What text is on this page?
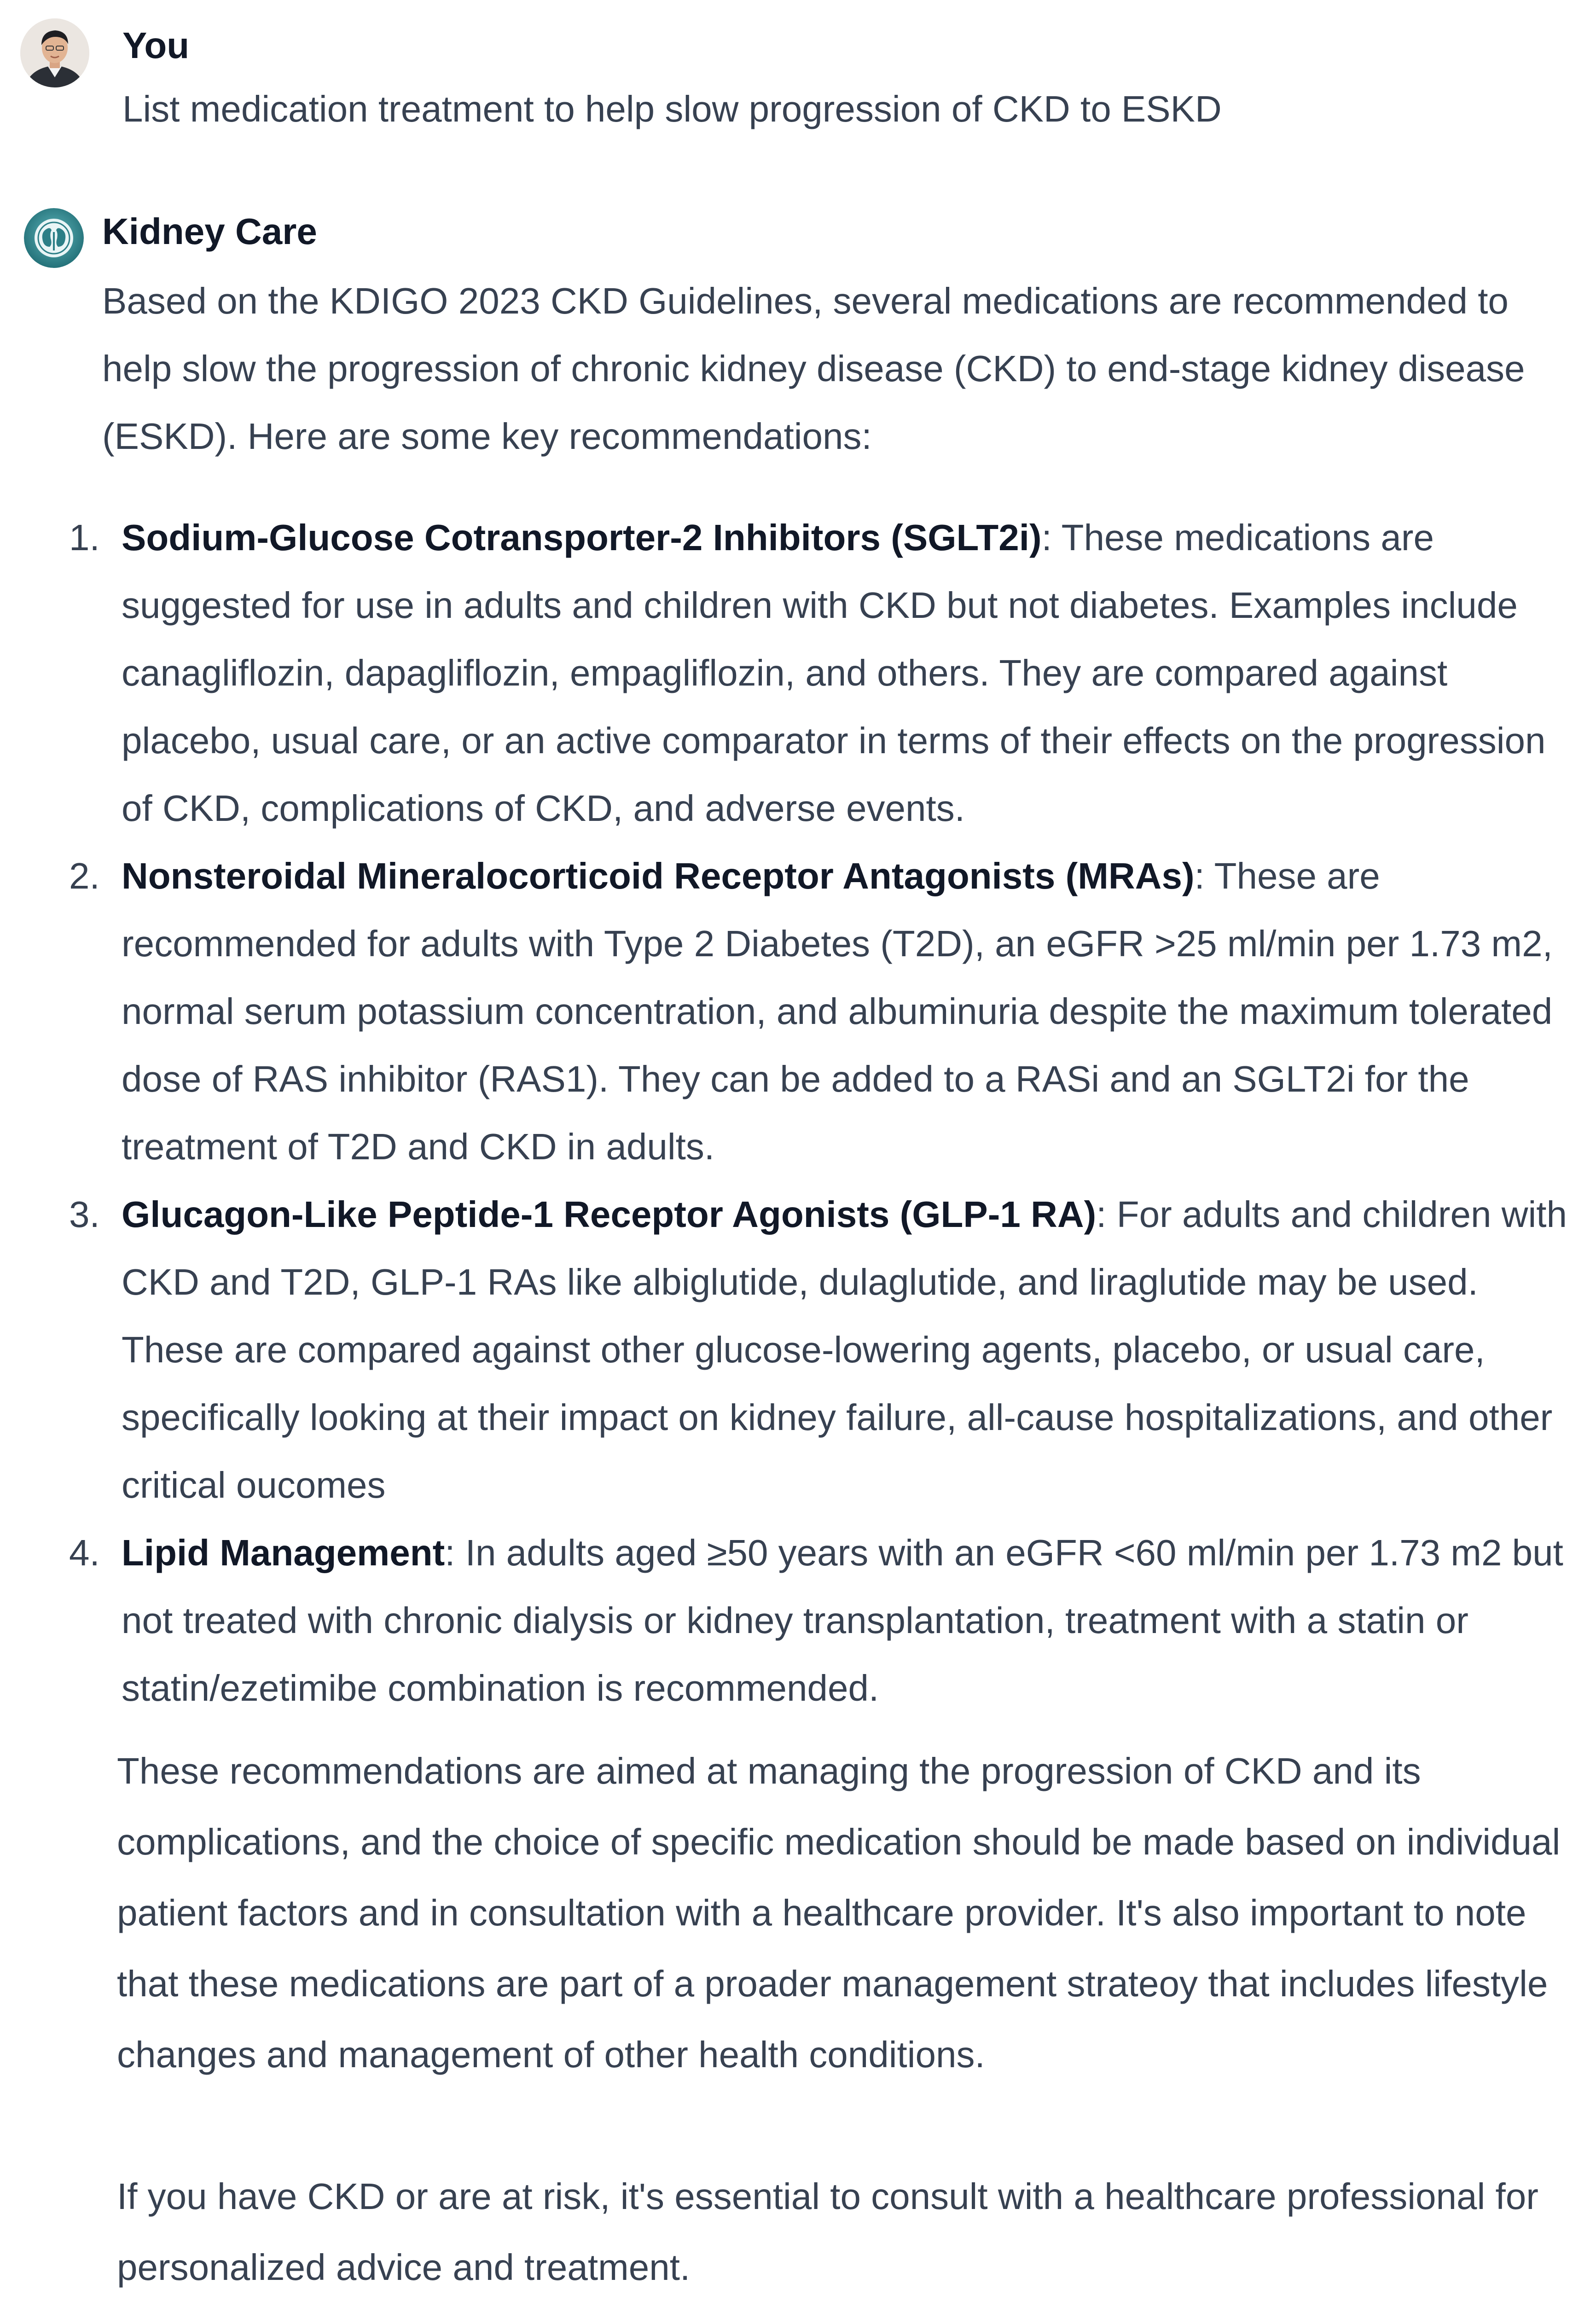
You
List medication treatment to help slow progression of CKD to ESKD
Kidney Care

Based on the KDIGO 2023 CKD Guidelines, several medications are recommended to help slow the progression of chronic kidney disease (CKD) to end-stage kidney disease (ESKD). Here are some key recommendations:

1. Sodium-Glucose Cotransporter-2 Inhibitors (SGLT2i): These medications are suggested for use in adults and children with CKD but not diabetes. Examples include canagliflozin, dapagliflozin, empagliflozin, and others. They are compared against placebo, usual care, or an active comparator in terms of their effects on the progression of CKD, complications of CKD, and adverse events.
2. Nonsteroidal Mineralocorticoid Receptor Antagonists (MRAs): These are recommended for adults with Type 2 Diabetes (T2D), an eGFR >25 ml/min per 1.73 m2, normal serum potassium concentration, and albuminuria despite the maximum tolerated dose of RAS inhibitor (RAS1). They can be added to a RASi and an SGLT2i for the treatment of T2D and CKD in adults.
3. Glucagon-Like Peptide-1 Receptor Agonists (GLP-1 RA): For adults and children with CKD and T2D, GLP-1 RAs like albiglutide, dulaglutide, and liraglutide may be used. These are compared against other glucose-lowering agents, placebo, or usual care, specifically looking at their impact on kidney failure, all-cause hospitalizations, and other critical oucomes
4. Lipid Management: In adults aged ≥50 years with an eGFR <60 ml/min per 1.73 m2 but not treated with chronic dialysis or kidney transplantation, treatment with a statin or statin/ezetimibe combination is recommended.

These recommendations are aimed at managing the progression of CKD and its complications, and the choice of specific medication should be made based on individual patient factors and in consultation with a healthcare provider. It's also important to note that these medications are part of a proader management strateoy that includes lifestyle changes and management of other health conditions.

If you have CKD or are at risk, it's essential to consult with a healthcare professional for personalized advice and treatment.
